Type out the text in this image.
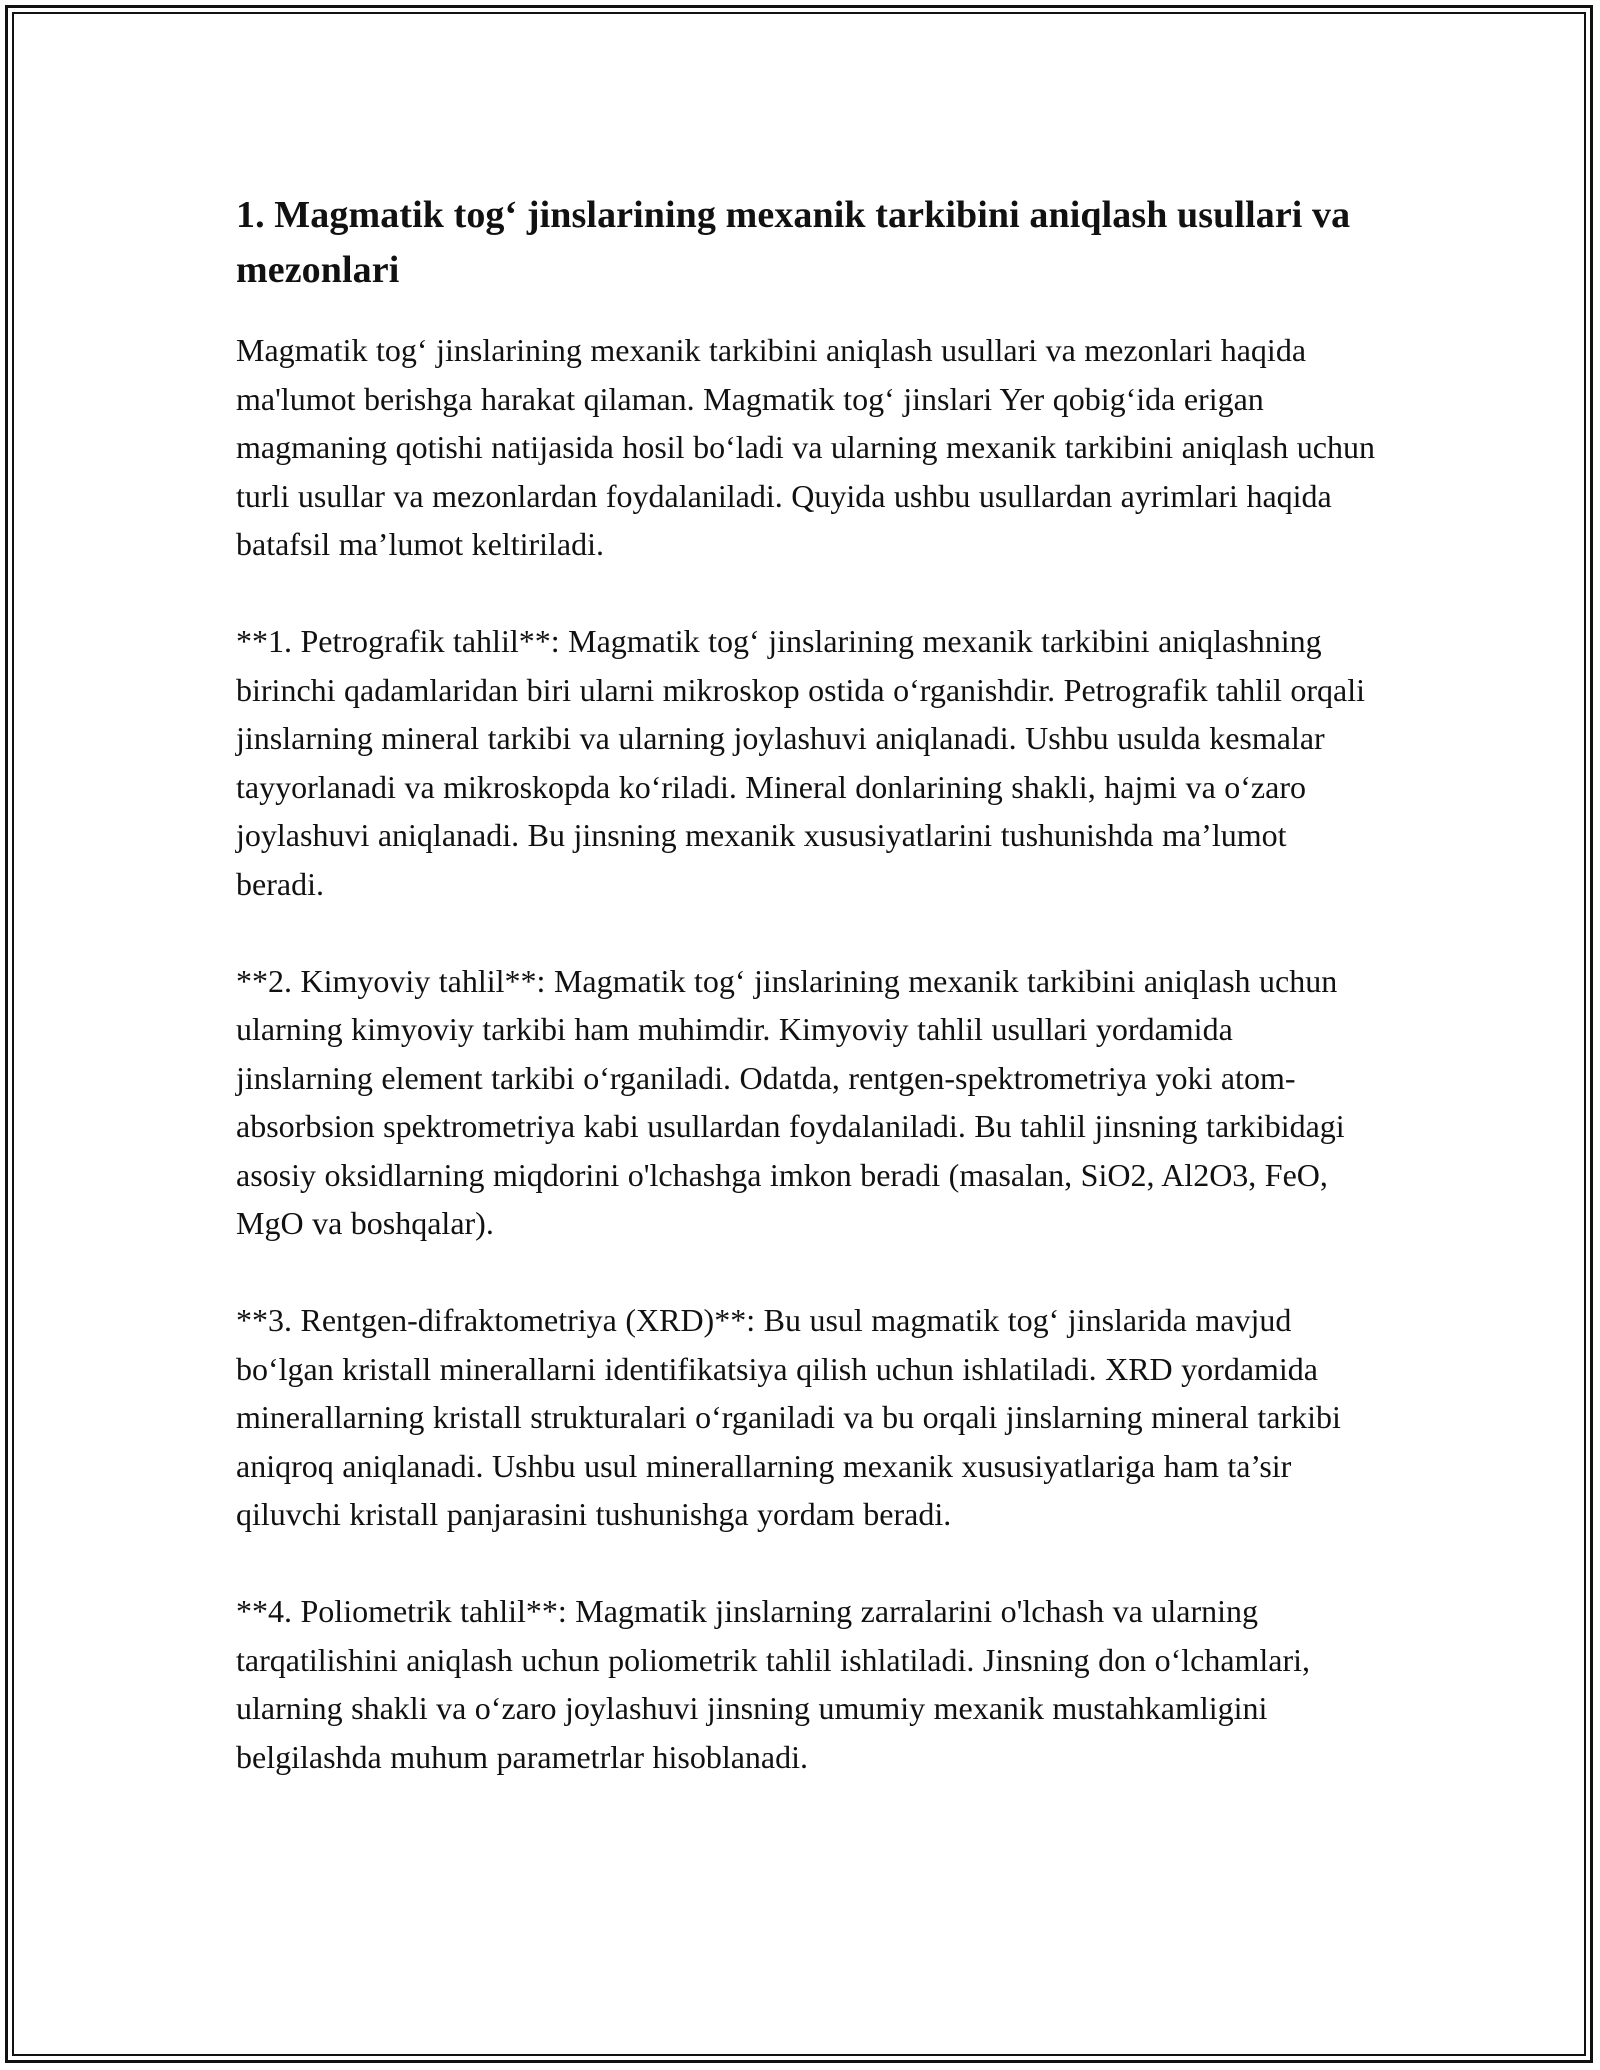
1. Magmatik tog‘ jinslarining mexanik tarkibini aniqlash usullari va mezonlari

Magmatik tog‘ jinslarining mexanik tarkibini aniqlash usullari va mezonlari haqida ma'lumot berishga harakat qilaman. Magmatik tog‘ jinslari Yer qobig‘ida erigan magmaning qotishi natijasida hosil bo‘ladi va ularning mexanik tarkibini aniqlash uchun turli usullar va mezonlardan foydalaniladi. Quyida ushbu usullardan ayrimlari haqida batafsil ma’lumot keltiriladi.

**1. Petrografik tahlil**: Magmatik tog‘ jinslarining mexanik tarkibini aniqlashning birinchi qadamlaridan biri ularni mikroskop ostida o‘rganishdir. Petrografik tahlil orqali jinslarning mineral tarkibi va ularning joylashuvi aniqlanadi. Ushbu usulda kesmalar tayyorlanadi va mikroskopda ko‘riladi. Mineral donlarining shakli, hajmi va o‘zaro joylashuvi aniqlanadi. Bu jinsning mexanik xususiyatlarini tushunishda ma’lumot beradi.

**2. Kimyoviy tahlil**: Magmatik tog‘ jinslarining mexanik tarkibini aniqlash uchun ularning kimyoviy tarkibi ham muhimdir. Kimyoviy tahlil usullari yordamida jinslarning element tarkibi o‘rganiladi. Odatda, rentgen-spektrometriya yoki atom-absorbsion spektrometriya kabi usullardan foydalaniladi. Bu tahlil jinsning tarkibidagi asosiy oksidlarning miqdorini o'lchashga imkon beradi (masalan, SiO2, Al2O3, FeO, MgO va boshqalar).

**3. Rentgen-difraktometriya (XRD)**: Bu usul magmatik tog‘ jinslarida mavjud bo‘lgan kristall minerallarni identifikatsiya qilish uchun ishlatiladi. XRD yordamida minerallarning kristall strukturalari o‘rganiladi va bu orqali jinslarning mineral tarkibi aniqroq aniqlanadi. Ushbu usul minerallarning mexanik xususiyatlariga ham ta’sir qiluvchi kristall panjarasini tushunishga yordam beradi.

**4. Poliometrik tahlil**: Magmatik jinslarning zarralarini o'lchash va ularning tarqatilishini aniqlash uchun poliometrik tahlil ishlatiladi. Jinsning don o‘lchamlari, ularning shakli va o‘zaro joylashuvi jinsning umumiy mexanik mustahkamligini belgilashda muhum parametrlar hisoblanadi.
